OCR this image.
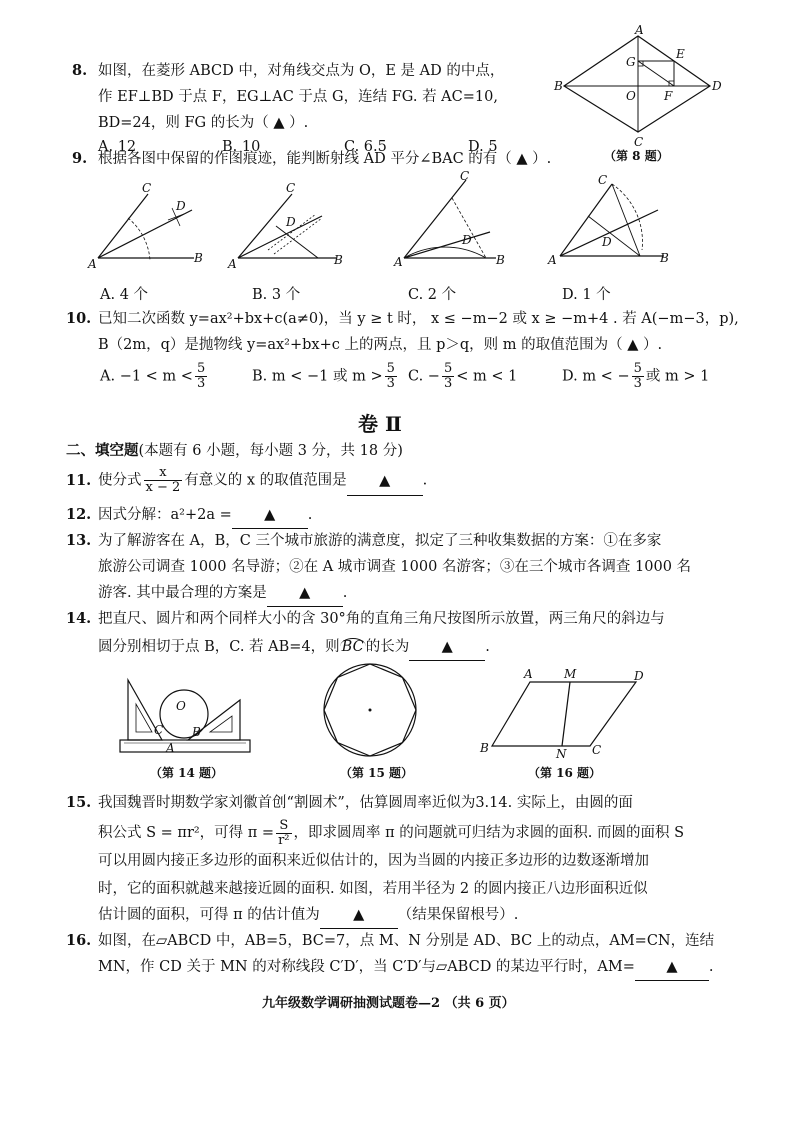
8. 如图，在菱形 ABCD 中，对角线交点为 O，E 是 AD 的中点，
作 EF⊥BD 于点 F，EG⊥AC 于点 G，连结 FG. 若 AC=10,
BD=24，则 FG 的长为（ ▲ ）.
A. 12	B. 10	C. 6.5	D. 5
A
B
C
D
O
E
F
G
（第 8 题）
9. 根据各图中保留的作图痕迹，能判断射线 AD 平分∠BAC 的有（ ▲ ）.
C
D
A	B
C
D
A	B
C
D
A	B
C
D
A	B
A. 4 个	B. 3 个	C. 2 个	D. 1 个
10. 已知二次函数 y=ax²+bx+c(a≠0)，当 y ≥ t 时， x ≤ −m−2 或 x ≥ −m+4 . 若 A(−m−3，p),
B（2m，q）是抛物线 y=ax²+bx+c 上的两点，且 p＞q，则 m 的取值范围为（ ▲ ）.
A. $-1 < m < \frac{5}{3}$	B. m < −1 或 $m > \frac{5}{3} C$. − $\frac{5}{3} < m < 1$	D. m < − $\frac{5}{3}$ 或 m > 1
卷 Ⅱ
二、填空题(本题有 6 小题，每小题 3 分，共 18 分)
11. 使分式 $\frac{x}{x - 2}$ 有意义的 x 的取值范围是 ▲ .
12. 因式分解：a²+2a = ▲ .
13. 为了解游客在 A，B，C 三个城市旅游的满意度，拟定了三种收集数据的方案：①在多家
旅游公司调查 1000 名导游；②在 A 城市调查 1000 名游客；③在三个城市各调查 1000 名
游客. 其中最合理的方案是 ▲ .
14. 把直尺、圆片和两个同样大小的含 30°角的直角三角尺按图所示放置，两三角尺的斜边与
圆分别相切于点 B，C. 若 AB=4，则 BC 的长为 ▲ .
O
C B
A
（第 14 题）	（第 15 题）
A	M	D
B	N C
（第 16 题）
15. 我国魏晋时期数学家刘徽首创“割圆术”，估算圆周率近似为3.14. 实际上，由圆的面
积公式 S = πr²，可得 $\pi = \frac{S}{\text{r²}}$ ，即求圆周率 π 的问题就可归结为求圆的面积. 而圆的面积 S
可以用圆内接正多边形的面积来近似估计的，因为当圆的内接正多边形的边数逐渐增加
时，它的面积就越来越接近圆的面积. 如图，若用半径为 2 的圆内接正八边形面积近似
估计圆的面积，可得 π 的估计值为 ▲ （结果保留根号）.
16. 如图，在▱ABCD 中，AB=5，BC=7，点 M、N 分别是 AD、BC 上的动点，AM=CN，连结
MN，作 CD 关于 MN 的对称线段 C′D′，当 C′D′与▱ABCD 的某边平行时，AM= ▲ .
九年级数学调研抽测试题卷—2 （共 6 页）
